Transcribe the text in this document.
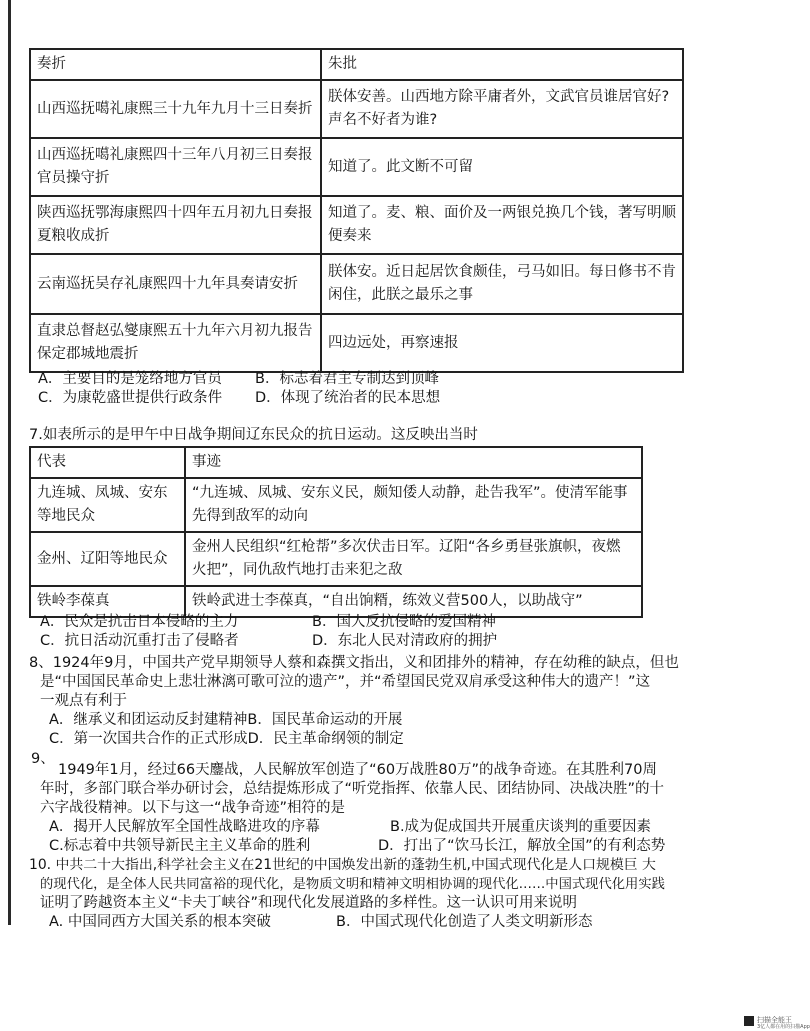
奏折	朱批
山西巡抚噶礼康熙三十九年九月十三日奏折	朕体安善。山西地方除平庸者外，文武官员谁居官好?声名不好者为谁?
山西巡抚噶礼康熙四十三年八月初三日奏报官员操守折	知道了。此文断不可留
陕西巡抚鄂海康熙四十四年五月初九日奏报夏粮收成折	知道了。麦、粮、面价及一两银兑换几个钱，著写明顺便奏来
云南巡抚吴存礼康熙四十九年具奏请安折	朕体安。近日起居饮食颇佳，弓马如旧。每日修书不肯闲住，此朕之最乐之事
直隶总督赵弘燮康熙五十九年六月初九报告保定郡城地震折	四边远处，再察速报
A．主要目的是笼络地方官员 B．标志着君主专制达到顶峰
C．为康乾盛世提供行政条件 D．体现了统治者的民本思想
7.如表所示的是甲午中日战争期间辽东民众的抗日运动。这反映出当时
代表	事迹
九连城、凤城、安东等地民众	“九连城、凤城、安东义民，颇知倭人动静，赴告我军”。使清军能事先得到敌军的动向
金州、辽阳等地民众	金州人民组织“红枪帮”多次伏击日军。辽阳“各乡勇昼张旗帜，夜燃火把”，同仇敌忾地打击来犯之敌
铁岭李葆真	铁岭武进士李葆真，“自出饷糈，练效义营500人，以助战守”
A．民众是抗击日本侵略的主力	B．国人反抗侵略的爱国精神
C．抗日活动沉重打击了侵略者	D．东北人民对清政府的拥护
8、1924年9月，中国共产党早期领导人蔡和森撰文指出，义和团排外的精神，存在幼稚的缺点，但也
是“中国国民革命史上悲壮淋漓可歌可泣的遗产”，并“希望国民党双肩承受这种伟大的遗产！”这
一观点有利于
A．继承义和团运动反封建精神B．国民革命运动的开展
C．第一次国共合作的正式形成D．民主革命纲领的制定
9、
1949年1月，经过66天鏖战，人民解放军创造了“60万战胜80万”的战争奇迹。在其胜利70周
年时，多部门联合举办研讨会，总结提炼形成了“听党指挥、依靠人民、团结协同、决战决胜”的十
六字战役精神。以下与这一“战争奇迹”相符的是
A．揭开人民解放军全国性战略进攻的序幕	B.成为促成国共开展重庆谈判的重要因素
C.标志着中共领导新民主主义革命的胜利	D．打出了“饮马长江，解放全国”的有利态势
10. 中共二十大指出,科学社会主义在21世纪的中国焕发出新的蓬勃生机,中国式现代化是人口规模巨 大
的现代化，是全体人民共同富裕的现代化，是物质文明和精神文明相协调的现代化……中国式现代化用实践
证明了跨越资本主义“卡夫丁峡谷”和现代化发展道路的多样性。这一认识可用来说明
A. 中国同西方大国关系的根本突破	B．中国式现代化创造了人类文明新形态
扫描全能王
3亿人都在用的扫描App
